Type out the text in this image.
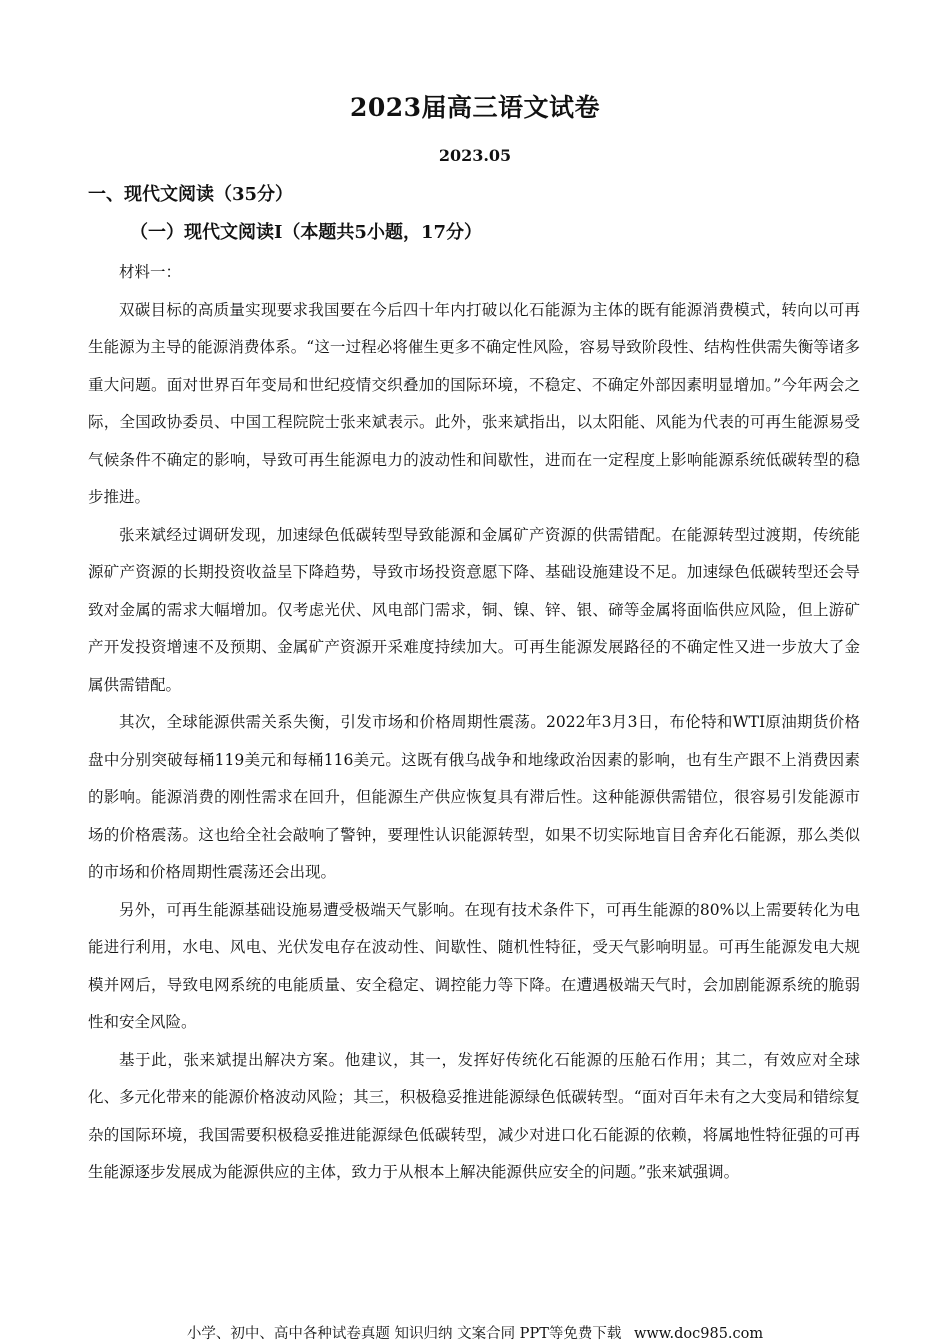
2023届高三语文试卷
2023.05
一、现代文阅读（35分）
（一）现代文阅读Ⅰ（本题共5小题，17分）

材料一：

双碳目标的高质量实现要求我国要在今后四十年内打破以化石能源为主体的既有能源消费模式，转向以可再生能源为主导的能源消费体系。“这一过程必将催生更多不确定性风险，容易导致阶段性、结构性供需失衡等诸多重大问题。面对世界百年变局和世纪疫情交织叠加的国际环境，不稳定、不确定外部因素明显增加。”今年两会之际，全国政协委员、中国工程院院士张来斌表示。此外，张来斌指出，以太阳能、风能为代表的可再生能源易受气候条件不确定的影响，导致可再生能源电力的波动性和间歇性，进而在一定程度上影响能源系统低碳转型的稳步推进。

张来斌经过调研发现，加速绿色低碳转型导致能源和金属矿产资源的供需错配。在能源转型过渡期，传统能源矿产资源的长期投资收益呈下降趋势，导致市场投资意愿下降、基础设施建设不足。加速绿色低碳转型还会导致对金属的需求大幅增加。仅考虑光伏、风电部门需求，铜、镍、锌、银、碲等金属将面临供应风险，但上游矿产开发投资增速不及预期、金属矿产资源开采难度持续加大。可再生能源发展路径的不确定性又进一步放大了金属供需错配。

其次，全球能源供需关系失衡，引发市场和价格周期性震荡。2022年3月3日，布伦特和WTI原油期货价格盘中分别突破每桶119美元和每桶116美元。这既有俄乌战争和地缘政治因素的影响，也有生产跟不上消费因素的影响。能源消费的刚性需求在回升，但能源生产供应恢复具有滞后性。这种能源供需错位，很容易引发能源市场的价格震荡。这也给全社会敲响了警钟，要理性认识能源转型，如果不切实际地盲目舍弃化石能源，那么类似的市场和价格周期性震荡还会出现。

另外，可再生能源基础设施易遭受极端天气影响。在现有技术条件下，可再生能源的80%以上需要转化为电能进行利用，水电、风电、光伏发电存在波动性、间歇性、随机性特征，受天气影响明显。可再生能源发电大规模并网后，导致电网系统的电能质量、安全稳定、调控能力等下降。在遭遇极端天气时，会加剧能源系统的脆弱性和安全风险。

基于此，张来斌提出解决方案。他建议，其一，发挥好传统化石能源的压舱石作用；其二，有效应对全球化、多元化带来的能源价格波动风险；其三，积极稳妥推进能源绿色低碳转型。“面对百年未有之大变局和错综复杂的国际环境，我国需要积极稳妥推进能源绿色低碳转型，减少对进口化石能源的依赖，将属地性特征强的可再生能源逐步发展成为能源供应的主体，致力于从根本上解决能源供应安全的问题。”张来斌强调。

小学、初中、高中各种试卷真题 知识归纳 文案合同 PPT等免费下载 www.doc985.com
